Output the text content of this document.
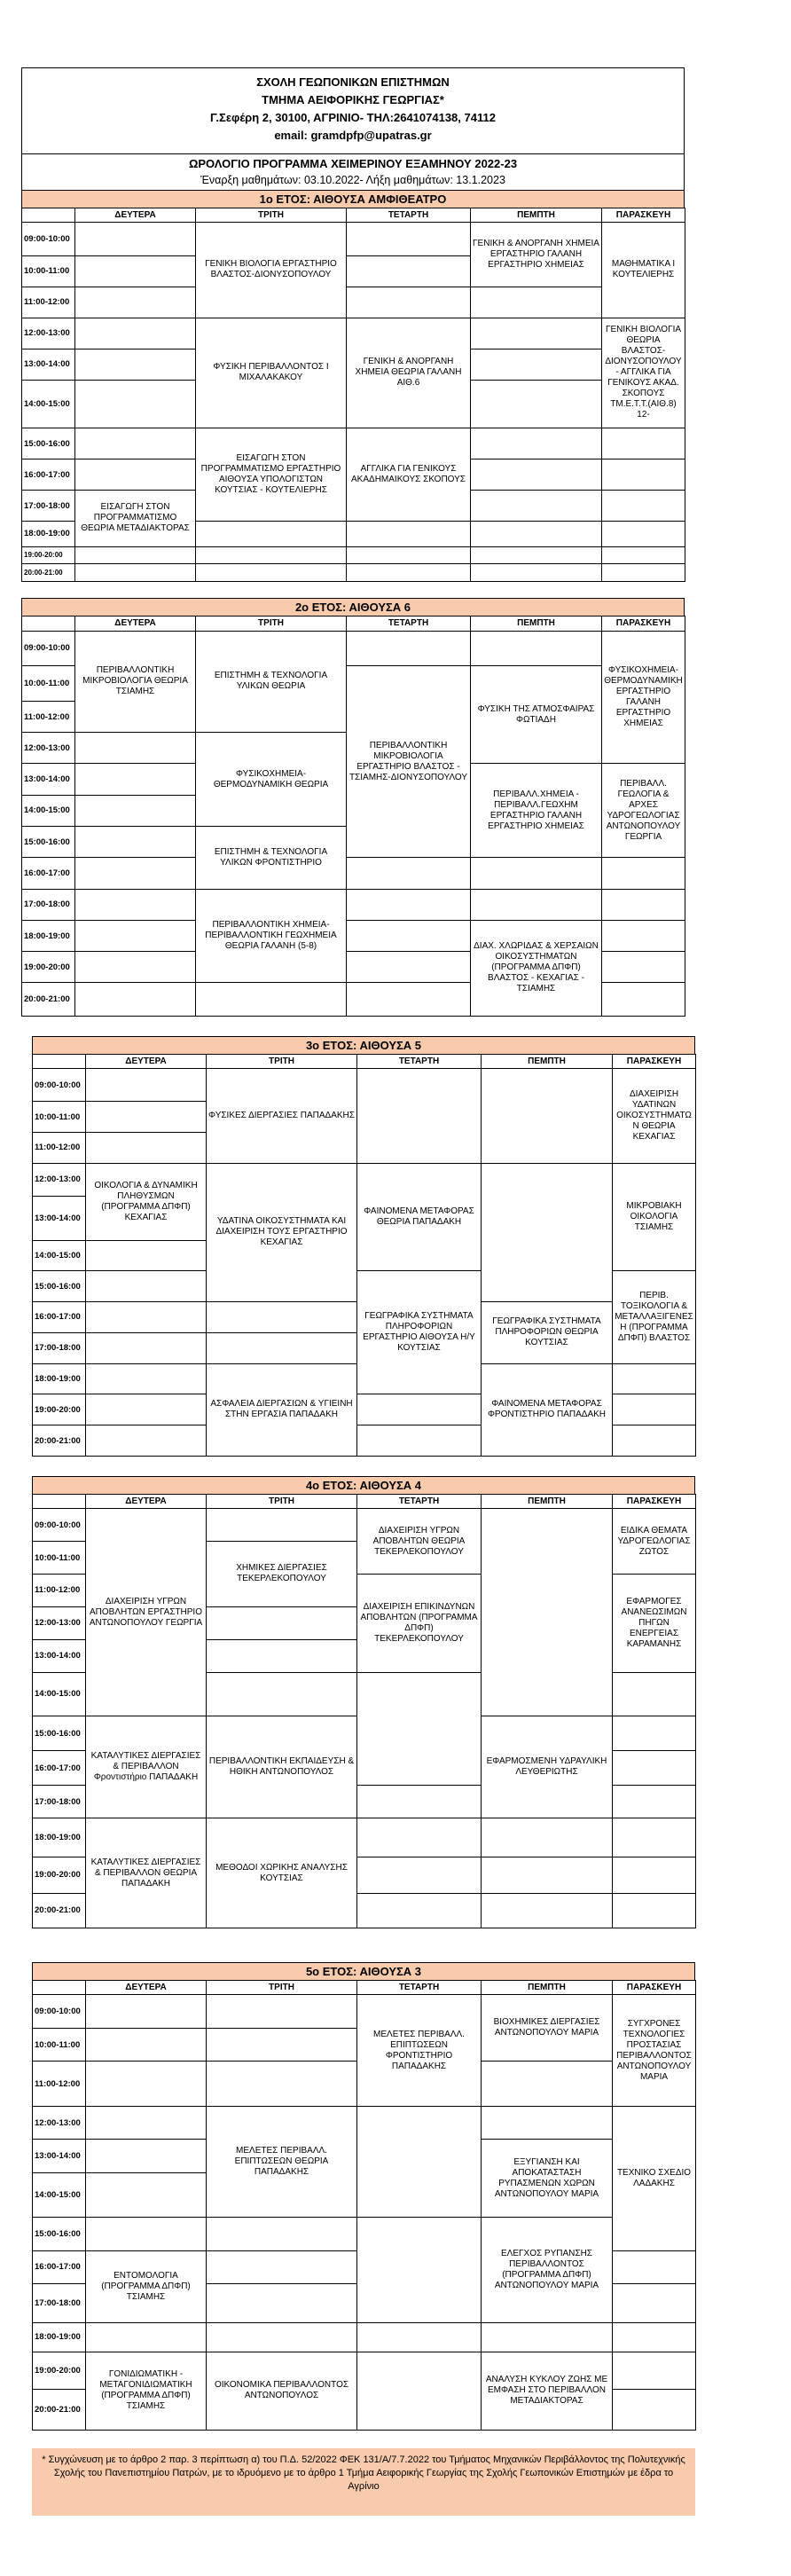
ΣΧΟΛΗ ΓΕΩΠΟΝΙΚΩΝ ΕΠΙΣΤΗΜΩΝ
ΤΜΗΜΑ ΑΕΙΦΟΡΙΚΗΣ ΓΕΩΡΓΙΑΣ*
Γ.Σεφέρη 2, 30100, ΑΓΡΙΝΙΟ- ΤΗΛ:2641074138, 74112
email: gramdpfp@upatras.gr
ΩΡΟΛΟΓΙΟ ΠΡΟΓΡΑΜΜΑ ΧΕΙΜΕΡΙΝΟΥ ΕΞΑΜΗΝΟΥ 2022-23
Έναρξη μαθημάτων: 03.10.2022- Λήξη μαθημάτων: 13.1.2023
1ο ΕΤΟΣ: ΑΙΘΟΥΣΑ ΑΜΦΙΘΕΑΤΡΟ
2ο ΕΤΟΣ: ΑΙΘΟΥΣΑ 6
3ο ΕΤΟΣ: ΑΙΘΟΥΣΑ 5
4ο ΕΤΟΣ: ΑΙΘΟΥΣΑ 4
5ο ΕΤΟΣ: ΑΙΘΟΥΣΑ 3
	ΔΕΥΤΕΡΑ	ΤΡΙΤΗ	ΤΕΤΑΡΤΗ	ΠΕΜΠΤΗ	ΠΑΡΑΣΚΕΥΗ
09:00-10:00		ΓΕΝΙΚΗ ΒΙΟΛΟΓΙΑ ΕΡΓΑΣΤΗΡΙΟ ΒΛΑΣΤΟΣ-ΔΙΟΝΥΣΟΠΟΥΛΟΥ		ΓΕΝΙΚΗ & ΑΝΟΡΓΑΝΗ ΧΗΜΕΙΑ ΕΡΓΑΣΤΗΡΙΟ ΓΑΛΑΝΗ ΕΡΓΑΣΤΗΡΙΟ ΧΗΜΕΙΑΣ	ΜΑΘΗΜΑΤΙΚΑ Ι ΚΟΥΤΕΛΙΕΡΗΣ
10:00-11:00					
11:00-12:00					
12:00-13:00		ΦΥΣΙΚΗ ΠΕΡΙΒΑΛΛΟΝΤΟΣ Ι ΜΙΧΑΛΑΚΑΚΟΥ	ΓΕΝΙΚΗ & ΑΝΟΡΓΑΝΗ ΧΗΜΕΙΑ ΘΕΩΡΙΑ ΓΑΛΑΝΗ ΑΙΘ.6		ΓΕΝΙΚΗ ΒΙΟΛΟΓΙΑ ΘΕΩΡΙΑ ΒΛΑΣΤΟΣ-ΔΙΟΝΥΣΟΠΟΥΛΟΥ - ΑΓΓΛΙΚΑ ΓΙΑ ΓΕΝΙΚΟΥΣ ΑΚΑΔ. ΣΚΟΠΟΥΣ ΤΜ.Ε.Τ.Τ.(ΑΙΘ.8) 12-
13:00-14:00					
14:00-15:00					
15:00-16:00		ΕΙΣΑΓΩΓΗ ΣΤΟΝ ΠΡΟΓΡΑΜΜΑΤΙΣΜΟ ΕΡΓΑΣΤΗΡΙΟ ΑΙΘΟΥΣΑ ΥΠΟΛΟΓΙΣΤΩΝ ΚΟΥΤΣΙΑΣ - ΚΟΥΤΕΛΙΕΡΗΣ	ΑΓΓΛΙΚΑ ΓΙΑ ΓΕΝΙΚΟΥΣ ΑΚΑΔΗΜΑΙΚΟΥΣ ΣΚΟΠΟΥΣ		
16:00-17:00					
17:00-18:00	ΕΙΣΑΓΩΓΗ ΣΤΟΝ ΠΡΟΓΡΑΜΜΑΤΙΣΜΟ ΘΕΩΡΙΑ ΜΕΤΑΔΙΑΚΤΟΡΑΣ				
18:00-19:00					
19:00-20:00					
20:00-21:00					
	ΔΕΥΤΕΡΑ	ΤΡΙΤΗ	ΤΕΤΑΡΤΗ	ΠΕΜΠΤΗ	ΠΑΡΑΣΚΕΥΗ
09:00-10:00	ΠΕΡΙΒΑΛΛΟΝΤΙΚΗ ΜΙΚΡΟΒΙΟΛΟΓΙΑ ΘΕΩΡΙΑ ΤΣΙΑΜΗΣ	ΕΠΙΣΤΗΜΗ & ΤΕΧΝΟΛΟΓΙΑ ΥΛΙΚΩΝ ΘΕΩΡΙΑ			ΦΥΣΙΚΟΧΗΜΕΙΑ-ΘΕΡΜΟΔΥΝΑΜΙΚΗ ΕΡΓΑΣΤΗΡΙΟ ΓΑΛΑΝΗ ΕΡΓΑΣΤΗΡΙΟ ΧΗΜΕΙΑΣ
10:00-11:00			ΠΕΡΙΒΑΛΛΟΝΤΙΚΗ ΜΙΚΡΟΒΙΟΛΟΓΙΑ ΕΡΓΑΣΤΗΡΙΟ ΒΛΑΣΤΟΣ - ΤΣΙΑΜΗΣ-ΔΙΟΝΥΣΟΠΟΥΛΟΥ	ΦΥΣΙΚΗ ΤΗΣ ΑΤΜΟΣΦΑΙΡΑΣ ΦΩΤΙΑΔΗ	
11:00-12:00					
12:00-13:00		ΦΥΣΙΚΟΧΗΜΕΙΑ-ΘΕΡΜΟΔΥΝΑΜΙΚΗ ΘΕΩΡΙΑ			
13:00-14:00				ΠΕΡΙΒΑΛΛ.ΧΗΜΕΙΑ - ΠΕΡΙΒΑΛΛ.ΓΕΩΧΗΜ ΕΡΓΑΣΤΗΡΙΟ ΓΑΛΑΝΗ ΕΡΓΑΣΤΗΡΙΟ ΧΗΜΕΙΑΣ	ΠΕΡΙΒΑΛΛ. ΓΕΩΛΟΓΙΑ & ΑΡΧΕΣ ΥΔΡΟΓΕΩΛΟΓΙΑΣ ΑΝΤΩΝΟΠΟΥΛΟΥ ΓΕΩΡΓΙΑ
14:00-15:00					
15:00-16:00		ΕΠΙΣΤΗΜΗ & ΤΕΧΝΟΛΟΓΙΑ ΥΛΙΚΩΝ ΦΡΟΝΤΙΣΤΗΡΙΟ			
16:00-17:00					
17:00-18:00		ΠΕΡΙΒΑΛΛΟΝΤΙΚΗ ΧΗΜΕΙΑ-ΠΕΡΙΒΑΛΛΟΝΤΙΚΗ ΓΕΩΧΗΜΕΙΑ ΘΕΩΡΙΑ ΓΑΛΑΝΗ (5-8)			
18:00-19:00				ΔΙΑΧ. ΧΛΩΡΙΔΑΣ & ΧΕΡΣΑΙΩΝ ΟΙΚΟΣΥΣΤΗΜΑΤΩΝ (ΠΡΟΓΡΑΜΜΑ ΔΠΦΠ) ΒΛΑΣΤΟΣ - ΚΕΧΑΓΙΑΣ - ΤΣΙΑΜΗΣ	
19:00-20:00					
20:00-21:00					
	ΔΕΥΤΕΡΑ	ΤΡΙΤΗ	ΤΕΤΑΡΤΗ	ΠΕΜΠΤΗ	ΠΑΡΑΣΚΕΥΗ
09:00-10:00		ΦΥΣΙΚΕΣ ΔΙΕΡΓΑΣΙΕΣ ΠΑΠΑΔΑΚΗΣ			ΔΙΑΧΕΙΡΙΣΗ ΥΔΑΤΙΝΩΝ ΟΙΚΟΣΥΣΤΗΜΑΤΩΝ ΘΕΩΡΙΑ ΚΕΧΑΓΙΑΣ
10:00-11:00					
11:00-12:00					
12:00-13:00	ΟΙΚΟΛΟΓΙΑ & ΔΥΝΑΜΙΚΗ ΠΛΗΘΥΣΜΩΝ (ΠΡΟΓΡΑΜΜΑ ΔΠΦΠ) ΚΕΧΑΓΙΑΣ	ΥΔΑΤΙΝΑ ΟΙΚΟΣΥΣΤΗΜΑΤΑ ΚΑΙ ΔΙΑΧΕΙΡΙΣΗ ΤΟΥΣ ΕΡΓΑΣΤΗΡΙΟ ΚΕΧΑΓΙΑΣ	ΦΑΙΝΟΜΕΝΑ ΜΕΤΑΦΟΡΑΣ ΘΕΩΡΙΑ ΠΑΠΑΔΑΚΗ		ΜΙΚΡΟΒΙΑΚΗ ΟΙΚΟΛΟΓΙΑ ΤΣΙΑΜΗΣ
13:00-14:00					
14:00-15:00					
15:00-16:00			ΓΕΩΓΡΑΦΙΚΑ ΣΥΣΤΗΜΑΤΑ ΠΛΗΡΟΦΟΡΙΩΝ ΕΡΓΑΣΤΗΡΙΟ ΑΙΘΟΥΣΑ Η/Υ ΚΟΥΤΣΙΑΣ		ΠΕΡΙΒ. ΤΟΞΙΚΟΛΟΓΙΑ & ΜΕΤΑΛΛΑΞΙΓΕΝΕΣΗ (ΠΡΟΓΡΑΜΜΑ ΔΠΦΠ) ΒΛΑΣΤΟΣ
16:00-17:00				ΓΕΩΓΡΑΦΙΚΑ ΣΥΣΤΗΜΑΤΑ ΠΛΗΡΟΦΟΡΙΩΝ ΘΕΩΡΙΑ ΚΟΥΤΣΙΑΣ	
17:00-18:00					
18:00-19:00		ΑΣΦΑΛΕΙΑ ΔΙΕΡΓΑΣΙΩΝ & ΥΓΙΕΙΝΗ ΣΤΗΝ ΕΡΓΑΣΙΑ ΠΑΠΑΔΑΚΗ		ΦΑΙΝΟΜΕΝΑ ΜΕΤΑΦΟΡΑΣ ΦΡΟΝΤΙΣΤΗΡΙΟ ΠΑΠΑΔΑΚΗ	
19:00-20:00					
20:00-21:00					
	ΔΕΥΤΕΡΑ	ΤΡΙΤΗ	ΤΕΤΑΡΤΗ	ΠΕΜΠΤΗ	ΠΑΡΑΣΚΕΥΗ
09:00-10:00	ΔΙΑΧΕΙΡΙΣΗ ΥΓΡΩΝ ΑΠΟΒΛΗΤΩΝ ΕΡΓΑΣΤΗΡΙΟ ΑΝΤΩΝΟΠΟΥΛΟΥ ΓΕΩΡΓΙΑ		ΔΙΑΧΕΙΡΙΣΗ ΥΓΡΩΝ ΑΠΟΒΛΗΤΩΝ ΘΕΩΡΙΑ ΤΕΚΕΡΛΕΚΟΠΟΥΛΟΥ		ΕΙΔΙΚΑ ΘΕΜΑΤΑ ΥΔΡΟΓΕΩΛΟΓΙΑΣ ΖΩΤΟΣ
10:00-11:00		ΧΗΜΙΚΕΣ ΔΙΕΡΓΑΣΙΕΣ ΤΕΚΕΡΛΕΚΟΠΟΥΛΟΥ			
11:00-12:00			ΔΙΑΧΕΙΡΙΣΗ ΕΠΙΚΙΝΔΥΝΩΝ ΑΠΟΒΛΗΤΩΝ (ΠΡΟΓΡΑΜΜΑ ΔΠΦΠ) ΤΕΚΕΡΛΕΚΟΠΟΥΛΟΥ		ΕΦΑΡΜΟΓΕΣ ΑΝΑΝΕΩΣΙΜΩΝ ΠΗΓΩΝ ΕΝΕΡΓΕΙΑΣ ΚΑΡΑΜΑΝΗΣ
12:00-13:00					
13:00-14:00					
14:00-15:00					
15:00-16:00	ΚΑΤΑΛΥΤΙΚΕΣ ΔΙΕΡΓΑΣΙΕΣ & ΠΕΡΙΒΑΛΛΟΝ Φροντιστήριο ΠΑΠΑΔΑΚΗ	ΠΕΡΙΒΑΛΛΟΝΤΙΚΗ ΕΚΠΑΙΔΕΥΣΗ & ΗΘΙΚΗ ΑΝΤΩΝΟΠΟΥΛΟΣ		ΕΦΑΡΜΟΣΜΕΝΗ ΥΔΡΑΥΛΙΚΗ ΛΕΥΘΕΡΙΩΤΗΣ	
16:00-17:00					
17:00-18:00					
18:00-19:00	ΚΑΤΑΛΥΤΙΚΕΣ ΔΙΕΡΓΑΣΙΕΣ & ΠΕΡΙΒΑΛΛΟΝ ΘΕΩΡΙΑ ΠΑΠΑΔΑΚΗ	ΜΕΘΟΔΟΙ ΧΩΡΙΚΗΣ ΑΝΑΛΥΣΗΣ ΚΟΥΤΣΙΑΣ			
19:00-20:00					
20:00-21:00					
	ΔΕΥΤΕΡΑ	ΤΡΙΤΗ	ΤΕΤΑΡΤΗ	ΠΕΜΠΤΗ	ΠΑΡΑΣΚΕΥΗ
09:00-10:00			ΜΕΛΕΤΕΣ ΠΕΡΙΒΑΛΛ. ΕΠΙΠΤΩΣΕΩΝ ΦΡΟΝΤΙΣΤΗΡΙΟ ΠΑΠΑΔΑΚΗΣ	ΒΙΟΧΗΜΙΚΕΣ ΔΙΕΡΓΑΣΙΕΣ ΑΝΤΩΝΟΠΟΥΛΟΥ ΜΑΡΙΑ	ΣΥΓΧΡΟΝΕΣ ΤΕΧΝΟΛΟΓΙΕΣ ΠΡΟΣΤΑΣΙΑΣ ΠΕΡΙΒΑΛΛΟΝΤΟΣ ΑΝΤΩΝΟΠΟΥΛΟΥ ΜΑΡΙΑ
10:00-11:00					
11:00-12:00					
12:00-13:00		ΜΕΛΕΤΕΣ ΠΕΡΙΒΑΛΛ. ΕΠΙΠΤΩΣΕΩΝ ΘΕΩΡΙΑ ΠΑΠΑΔΑΚΗΣ			ΤΕΧΝΙΚΟ ΣΧΕΔΙΟ ΛΑΔΑΚΗΣ
13:00-14:00				ΕΞΥΓΙΑΝΣΗ ΚΑΙ ΑΠΟΚΑΤΑΣΤΑΣΗ ΡΥΠΑΣΜΕΝΩΝ ΧΩΡΩΝ ΑΝΤΩΝΟΠΟΥΛΟΥ ΜΑΡΙΑ	
14:00-15:00					
15:00-16:00				ΕΛΕΓΧΟΣ ΡΥΠΑΝΣΗΣ ΠΕΡΙΒΑΛΛΟΝΤΟΣ (ΠΡΟΓΡΑΜΜΑ ΔΠΦΠ) ΑΝΤΩΝΟΠΟΥΛΟΥ ΜΑΡΙΑ	
16:00-17:00	ΕΝΤΟΜΟΛΟΓΙΑ (ΠΡΟΓΡΑΜΜΑ ΔΠΦΠ) ΤΣΙΑΜΗΣ				
17:00-18:00					
18:00-19:00					
19:00-20:00	ΓΟΝΙΔΙΩΜΑΤΙΚΗ - ΜΕΤΑΓΟΝΙΔΙΩΜΑΤΙΚΗ (ΠΡΟΓΡΑΜΜΑ ΔΠΦΠ) ΤΣΙΑΜΗΣ	ΟΙΚΟΝΟΜΙΚΑ ΠΕΡΙΒΑΛΛΟΝΤΟΣ ΑΝΤΩΝΟΠΟΥΛΟΣ		ΑΝΑΛΥΣΗ ΚΥΚΛΟΥ ΖΩΗΣ ΜΕ ΕΜΦΑΣΗ ΣΤΟ ΠΕΡΙΒΑΛΛΟΝ ΜΕΤΑΔΙΑΚΤΟΡΑΣ	
20:00-21:00					
* Συγχώνευση με το άρθρο 2 παρ. 3 περίπτωση α) του Π.Δ. 52/2022 ΦΕΚ 131/Α/7.7.2022 του Τμήματος Μηχανικών Περιβάλλοντος της Πολυτεχνικής Σχολής του Πανεπιστημίου Πατρών, με το ιδρυόμενο με το άρθρο 1 Τμήμα Αειφορικής Γεωργίας της Σχολής Γεωπονικών Επιστημών με έδρα το Αγρίνιο
